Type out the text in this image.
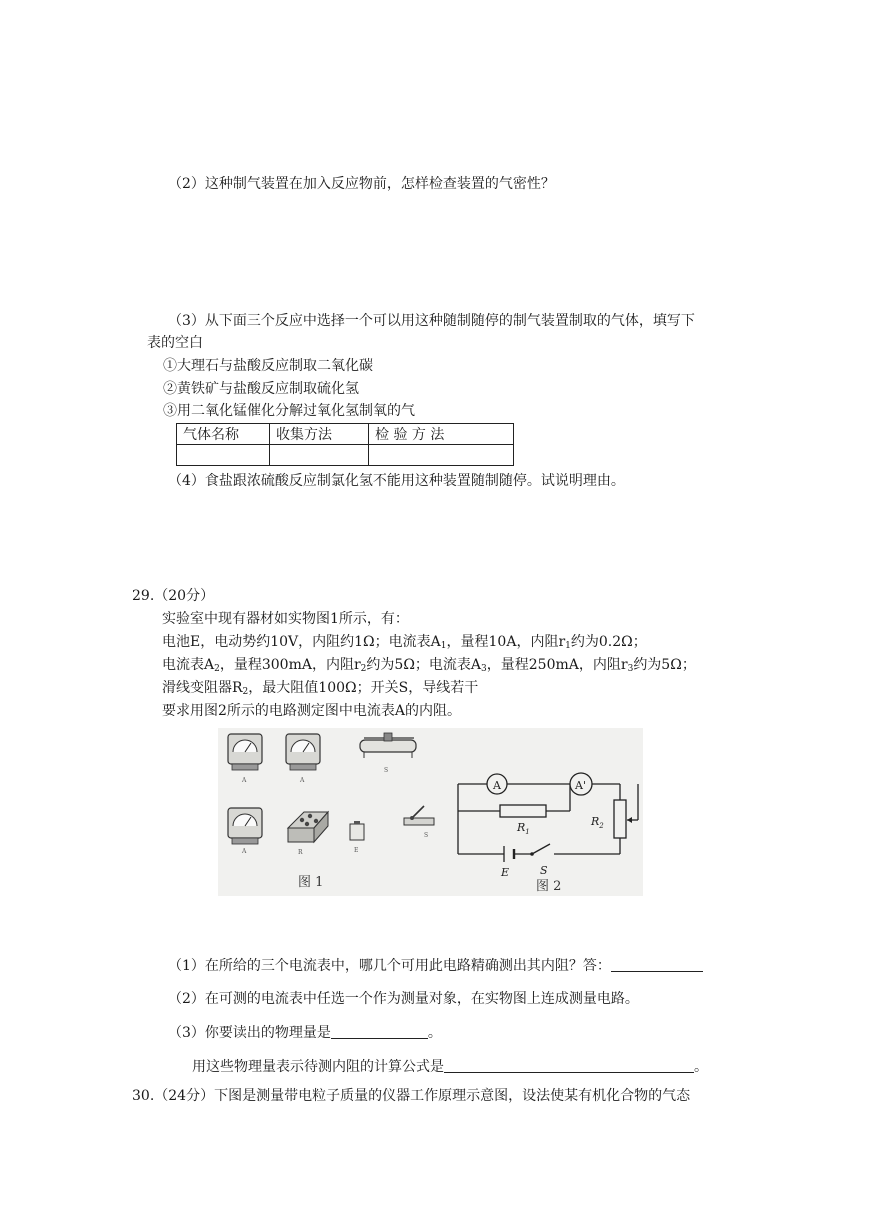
（2）这种制气装置在加入反应物前，怎样检查装置的气密性？
（3）从下面三个反应中选择一个可以用这种随制随停的制气装置制取的气体，填写下
表的空白
①大理石与盐酸反应制取二氧化碳
②黄铁矿与盐酸反应制取硫化氢
③用二氧化锰催化分解过氧化氢制氧的气
气体名称	收集方法	检 验 方 法

（4）食盐跟浓硫酸反应制氯化氢不能用这种装置随制随停。试说明理由。
29.（20分）
实验室中现有器材如实物图1所示，有：
电池E，电动势约10V，内阻约1Ω；电流表$A_1$，量程10A，内阻$r_1$约为0.2Ω；
电流表$A_2$，量程300mA，内阻$r_2$约为5Ω；电流表$A_3$，量程250mA，内阻$r_3$约为5Ω；
滑线变阻器$R_2$，最大阻值100Ω；开关S，导线若干
要求用图2所示的电路测定图中电流表A的内阻。
A	A
S
A	R	E
S
图 1
A	A'
$R_1$
$R_2$
E	S
图 2
（1）在所给的三个电流表中，哪几个可用此电路精确测出其内阻？答：
（2）在可测的电流表中任选一个作为测量对象，在实物图上连成测量电路。
（3）你要读出的物理量是	。
用这些物理量表示待测内阻的计算公式是	。
30.（24分）下图是测量带电粒子质量的仪器工作原理示意图，设法使某有机化合物的气态
